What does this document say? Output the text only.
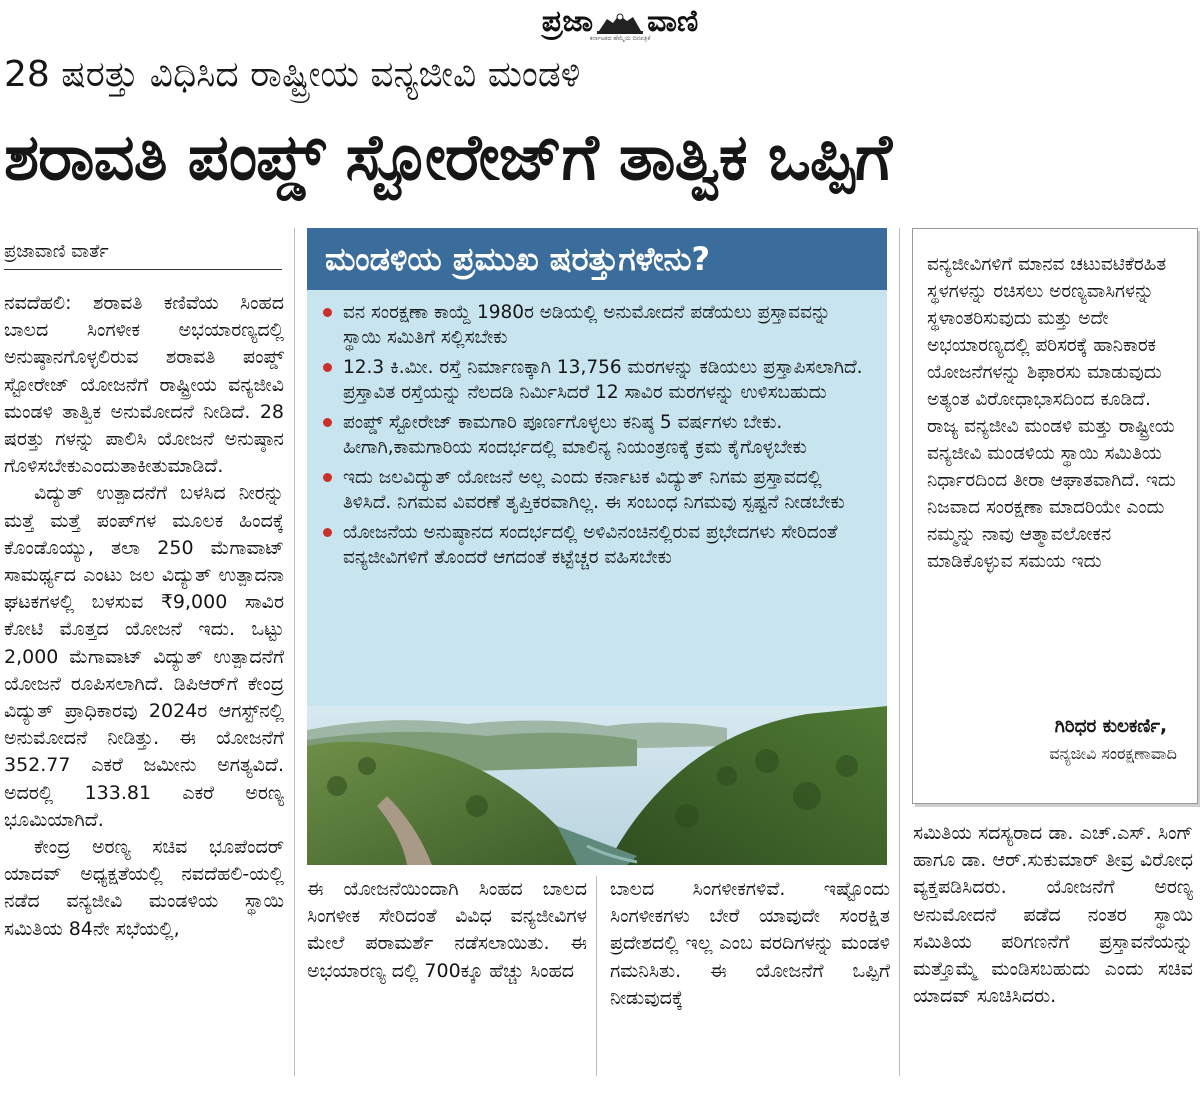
ಪ್ರಜಾ ವಾಣಿ
ಕರ್ನಾಟಕದ ಹೆಮ್ಮೆಯ ದಿನಪತ್ರಿಕೆ
28 ಷರತ್ತು ವಿಧಿಸಿದ ರಾಷ್ಟ್ರೀಯ ವನ್ಯಜೀವಿ ಮಂಡಳಿ
ಶರಾವತಿ ಪಂಪ್ಡ್ ಸ್ಟೋರೇಜ್‌ಗೆ ತಾತ್ವಿಕ ಒಪ್ಪಿಗೆ
ಪ್ರಜಾವಾಣಿ ವಾರ್ತೆ

ನವದೆಹಲಿ: ಶರಾವತಿ ಕಣಿವೆಯ ಸಿಂಹದ ಬಾಲದ ಸಿಂಗಳೀಕ ಅಭಯಾರಣ್ಯದಲ್ಲಿ ಅನುಷ್ಠಾನಗೊಳ್ಳಲಿರುವ ಶರಾವತಿ ಪಂಪ್ಡ್ ಸ್ಟೋರೇಜ್ ಯೋಜನೆಗೆ ರಾಷ್ಟ್ರೀಯ ವನ್ಯಜೀವಿ ಮಂಡಳಿ ತಾತ್ವಿಕ ಅನುಮೋದನೆ ನೀಡಿದೆ. 28 ಷರತ್ತು ಗಳನ್ನು ಪಾಲಿಸಿ ಯೋಜನೆ ಅನುಷ್ಠಾನ ಗೊಳಿಸಬೇಕುಎಂದುತಾಕೀತುಮಾಡಿದೆ.

ವಿದ್ಯುತ್ ಉತ್ಪಾದನೆಗೆ ಬಳಸಿದ ನೀರನ್ನು ಮತ್ತೆ ಮತ್ತೆ ಪಂಪ್‌ಗಳ ಮೂಲಕ ಹಿಂದಕ್ಕೆ ಕೊಂಡೊಯ್ಯು, ತಲಾ 250 ಮೆಗಾವಾಟ್ ಸಾಮರ್ಥ್ಯದ ಎಂಟು ಜಲ ವಿದ್ಯುತ್ ಉತ್ಪಾದನಾ ಘಟಕಗಳಲ್ಲಿ ಬಳಸುವ ₹9,000 ಸಾವಿರ ಕೋಟಿ ಮೊತ್ತದ ಯೋಜನೆ ಇದು. ಒಟ್ಟು 2,000 ಮೆಗಾವಾಟ್ ವಿದ್ಯುತ್ ಉತ್ಪಾದನೆಗೆ ಯೋಜನೆ ರೂಪಿಸಲಾಗಿದೆ. ಡಿಪಿಆರ್‌ಗೆ ಕೇಂದ್ರ ವಿದ್ಯುತ್ ಪ್ರಾಧಿಕಾರವು 2024ರ ಆಗಸ್ಟ್‌ನಲ್ಲಿ ಅನುಮೋದನೆ ನೀಡಿತ್ತು. ಈ ಯೋಜನೆಗೆ 352.77 ಎಕರೆ ಜಮೀನು ಅಗತ್ಯವಿದೆ. ಅದರಲ್ಲಿ 133.81 ಎಕರೆ ಅರಣ್ಯ ಭೂಮಿಯಾಗಿದೆ.

ಕೇಂದ್ರ ಅರಣ್ಯ ಸಚಿವ ಭೂಪೆಂದರ್ ಯಾದವ್ ಅಧ್ಯಕ್ಷತೆಯಲ್ಲಿ ನವದೆಹಲಿ-ಯಲ್ಲಿ ನಡೆದ ವನ್ಯಜೀವಿ ಮಂಡಳಿಯ ಸ್ಥಾಯಿ ಸಮಿತಿಯ 84ನೇ ಸಭೆಯಲ್ಲಿ,

ಮಂಡಳಿಯ ಪ್ರಮುಖ ಷರತ್ತುಗಳೇನು?
ವನ ಸಂರಕ್ಷಣಾ ಕಾಯ್ದೆ 1980ರ ಅಡಿಯಲ್ಲಿ ಅನುಮೋದನೆ ಪಡೆಯಲು ಪ್ರಸ್ತಾವವನ್ನು ಸ್ಥಾಯಿ ಸಮಿತಿಗೆ ಸಲ್ಲಿಸಬೇಕು
12.3 ಕಿ.ಮೀ. ರಸ್ತೆ ನಿರ್ಮಾಣಕ್ಕಾಗಿ 13,756 ಮರಗಳನ್ನು ಕಡಿಯಲು ಪ್ರಸ್ತಾಪಿಸಲಾಗಿದೆ. ಪ್ರಸ್ತಾವಿತ ರಸ್ತೆಯನ್ನು ನೆಲದಡಿ ನಿರ್ಮಿಸಿದರೆ 12 ಸಾವಿರ ಮರಗಳನ್ನು ಉಳಿಸಬಹುದು
ಪಂಪ್ಡ್ ಸ್ಟೋರೇಜ್ ಕಾಮಗಾರಿ ಪೂರ್ಣಗೊಳ್ಳಲು ಕನಿಷ್ಠ 5 ವರ್ಷಗಳು ಬೇಕು. ಹೀಗಾಗಿ,ಕಾಮಗಾರಿಯ ಸಂದರ್ಭದಲ್ಲಿ ಮಾಲಿನ್ಯ ನಿಯಂತ್ರಣಕ್ಕೆ ಕ್ರಮ ಕೈಗೊಳ್ಳಬೇಕು
ಇದು ಜಲವಿದ್ಯುತ್ ಯೋಜನೆ ಅಲ್ಲ ಎಂದು ಕರ್ನಾಟಕ ವಿದ್ಯುತ್ ನಿಗಮ ಪ್ರಸ್ತಾವದಲ್ಲಿ ತಿಳಿಸಿದೆ. ನಿಗಮವ ವಿವರಣೆ ತೃಪ್ತಿಕರವಾಗಿಲ್ಲ. ಈ ಸಂಬಂಧ ನಿಗಮವು ಸ್ಪಷ್ಟನೆ ನೀಡಬೇಕು
ಯೋಜನೆಯ ಅನುಷ್ಠಾನದ ಸಂದರ್ಭದಲ್ಲಿ ಅಳಿವಿನಂಚಿನಲ್ಲಿರುವ ಪ್ರಭೇದಗಳು ಸೇರಿದಂತೆ ವನ್ಯಜೀವಿಗಳಿಗೆ ತೊಂದರೆ ಆಗದಂತೆ ಕಟ್ಟೆಚ್ಚರ ವಹಿಸಬೇಕು
ವನ್ಯಜೀವಿಗಳಿಗೆ ಮಾನವ ಚಟುವಟಿಕೆರಹಿತ ಸ್ಥಳಗಳನ್ನು ರಚಿಸಲು ಅರಣ್ಯವಾಸಿಗಳನ್ನು ಸ್ಥಳಾಂತರಿಸುವುದು ಮತ್ತು ಅದೇ ಅಭಯಾರಣ್ಯದಲ್ಲಿ ಪರಿಸರಕ್ಕೆ ಹಾನಿಕಾರಕ ಯೋಜನೆಗಳನ್ನು ಶಿಫಾರಸು ಮಾಡುವುದು ಅತ್ಯಂತ ವಿರೋಧಾಭಾಸದಿಂದ ಕೂಡಿದೆ. ರಾಜ್ಯ ವನ್ಯಜೀವಿ ಮಂಡಳಿ ಮತ್ತು ರಾಷ್ಟ್ರೀಯ ವನ್ಯಜೀವಿ ಮಂಡಳಿಯ ಸ್ಥಾಯಿ ಸಮಿತಿಯ ನಿರ್ಧಾರದಿಂದ ತೀರಾ ಆಘಾತವಾಗಿದೆ. ಇದು ನಿಜವಾದ ಸಂರಕ್ಷಣಾ ಮಾದರಿಯೇ ಎಂದು ನಮ್ಮನ್ನು ನಾವು ಆತ್ಮಾವಲೋಕನ ಮಾಡಿಕೊಳ್ಳುವ ಸಮಯ ಇದು
ಗಿರಿಧರ ಕುಲಕರ್ಣಿ,
ವನ್ಯಜೀವಿ ಸಂರಕ್ಷಣಾವಾದಿ

ಈ ಯೋಜನೆಯಿಂದಾಗಿ ಸಿಂಹದ ಬಾಲದ ಸಿಂಗಳೀಕ ಸೇರಿದಂತೆ ವಿವಿಧ ವನ್ಯಜೀವಿಗಳ ಮೇಲೆ ಪರಾಮರ್ಶೆ ನಡೆಸಲಾಯಿತು. ಈ ಅಭಯಾರಣ್ಯ ದಲ್ಲಿ 700ಕ್ಕೂ ಹೆಚ್ಚು ಸಿಂಹದ

ಬಾಲದ ಸಿಂಗಳೀಕಗಳಿವೆ. ಇಷ್ಟೊಂದು ಸಿಂಗಳೀಕಗಳು ಬೇರೆ ಯಾವುದೇ ಸಂರಕ್ಷಿತ ಪ್ರದೇಶದಲ್ಲಿ ಇಲ್ಲ ಎಂಬ ವರದಿಗಳನ್ನು ಮಂಡಳಿ ಗಮನಿಸಿತು. ಈ ಯೋಜನೆಗೆ ಒಪ್ಪಿಗೆ ನೀಡುವುದಕ್ಕೆ

ಸಮಿತಿಯ ಸದಸ್ಯರಾದ ಡಾ. ಎಚ್.ಎಸ್. ಸಿಂಗ್ ಹಾಗೂ ಡಾ. ಆರ್.ಸುಕುಮಾರ್ ತೀವ್ರ ವಿರೋಧ ವ್ಯಕ್ತಪಡಿಸಿದರು. ಯೋಜನೆಗೆ ಅರಣ್ಯ ಅನುಮೋದನೆ ಪಡೆದ ನಂತರ ಸ್ಥಾಯಿ ಸಮಿತಿಯ ಪರಿಗಣನೆಗೆ ಪ್ರಸ್ತಾವನೆಯನ್ನು ಮತ್ತೊಮ್ಮೆ ಮಂಡಿಸಬಹುದು ಎಂದು ಸಚಿವ ಯಾದವ್ ಸೂಚಿಸಿದರು.
